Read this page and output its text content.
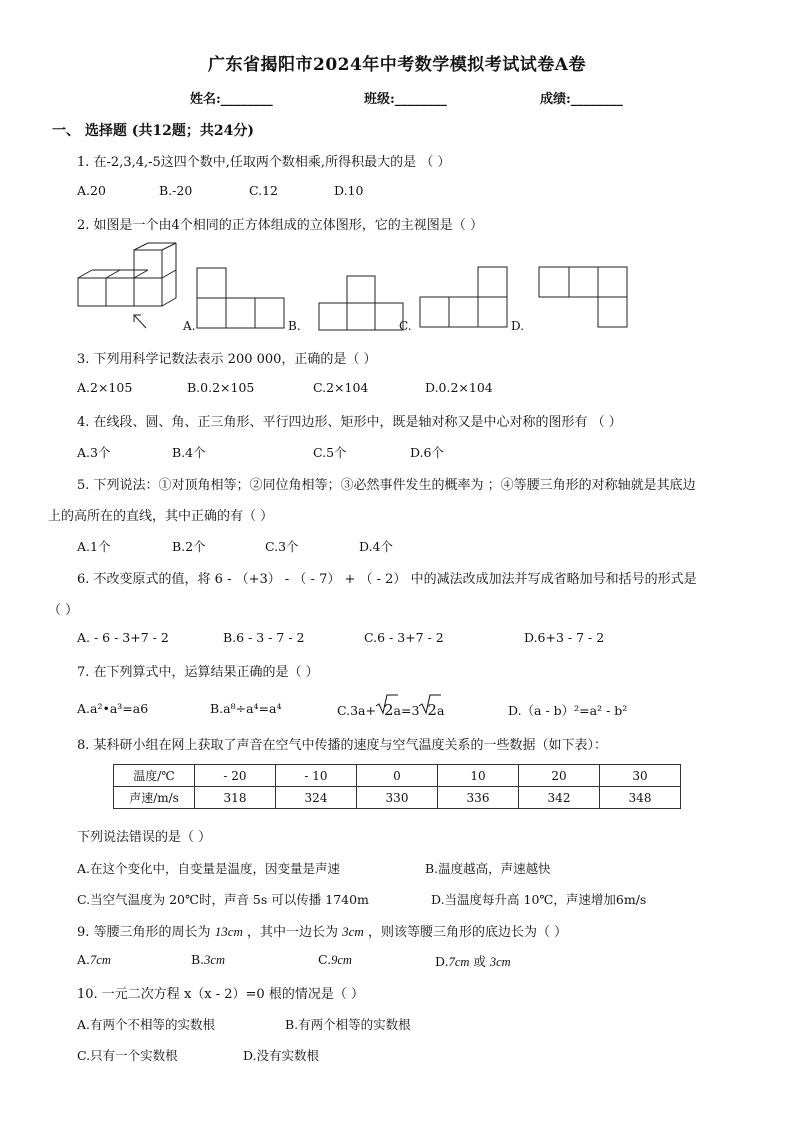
广东省揭阳市2024年中考数学模拟考试试卷A卷
姓名:________	班级:________	成绩:________
一、 选择题 (共12题；共24分)
1. 在-2,3,4,-5这四个数中,任取两个数相乘,所得积最大的是 （ ）
A.20	B.-20	C.12	D.10
2. 如图是一个由4个相同的正方体组成的立体图形，它的主视图是（ ）
A.	B.	C.	D.
3. 下列用科学记数法表示 200 000，正确的是（ ）
A.2×105	B.0.2×105	C.2×104	D.0.2×104
4. 在线段、圆、角、正三角形、平行四边形、矩形中，既是轴对称又是中心对称的图形有 （ ）
A.3个	B.4个	C.5个	D.6个
5. 下列说法：①对顶角相等；②同位角相等；③必然事件发生的概率为 ；④等腰三角形的对称轴就是其底边
上的高所在的直线，其中正确的有（ ）
A.1个	B.2个	C.3个	D.4个
6. 不改变原式的值，将 6 - （+3） - （ - 7） + （ - 2） 中的减法改成加法并写成省略加号和括号的形式是
（ ）
A. - 6 - 3+7 - 2	B.6 - 3 - 7 - 2	C.6 - 3+7 - 2	D.6+3 - 7 - 2
7. 在下列算式中，运算结果正确的是（ ）
A.a²•a³=a6	B.a⁸÷a⁴=a⁴	C.3a+ 2a=3 2a	D.（a - b）²=a² - b²
8. 某科研小组在网上获取了声音在空气中传播的速度与空气温度关系的一些数据（如下表）：
温度/℃	- 20	- 10	0	10	20	30
声速/m/s	318	324	330	336	342	348
下列说法错误的是（ ）
A.在这个变化中，自变量是温度，因变量是声速	B.温度越高，声速越快
C.当空气温度为 20℃时，声音 5s 可以传播 1740m	D.当温度每升高 10℃，声速增加6m/s
9. 等腰三角形的周长为 13cm ，其中一边长为 3cm ，则该等腰三角形的底边长为（ ）
A.7cm	B.3cm	C.9cm	D.7cm 或 3cm
10. 一元二次方程 x（x - 2）=0 根的情况是（ ）
A.有两个不相等的实数根	B.有两个相等的实数根
C.只有一个实数根	D.没有实数根
